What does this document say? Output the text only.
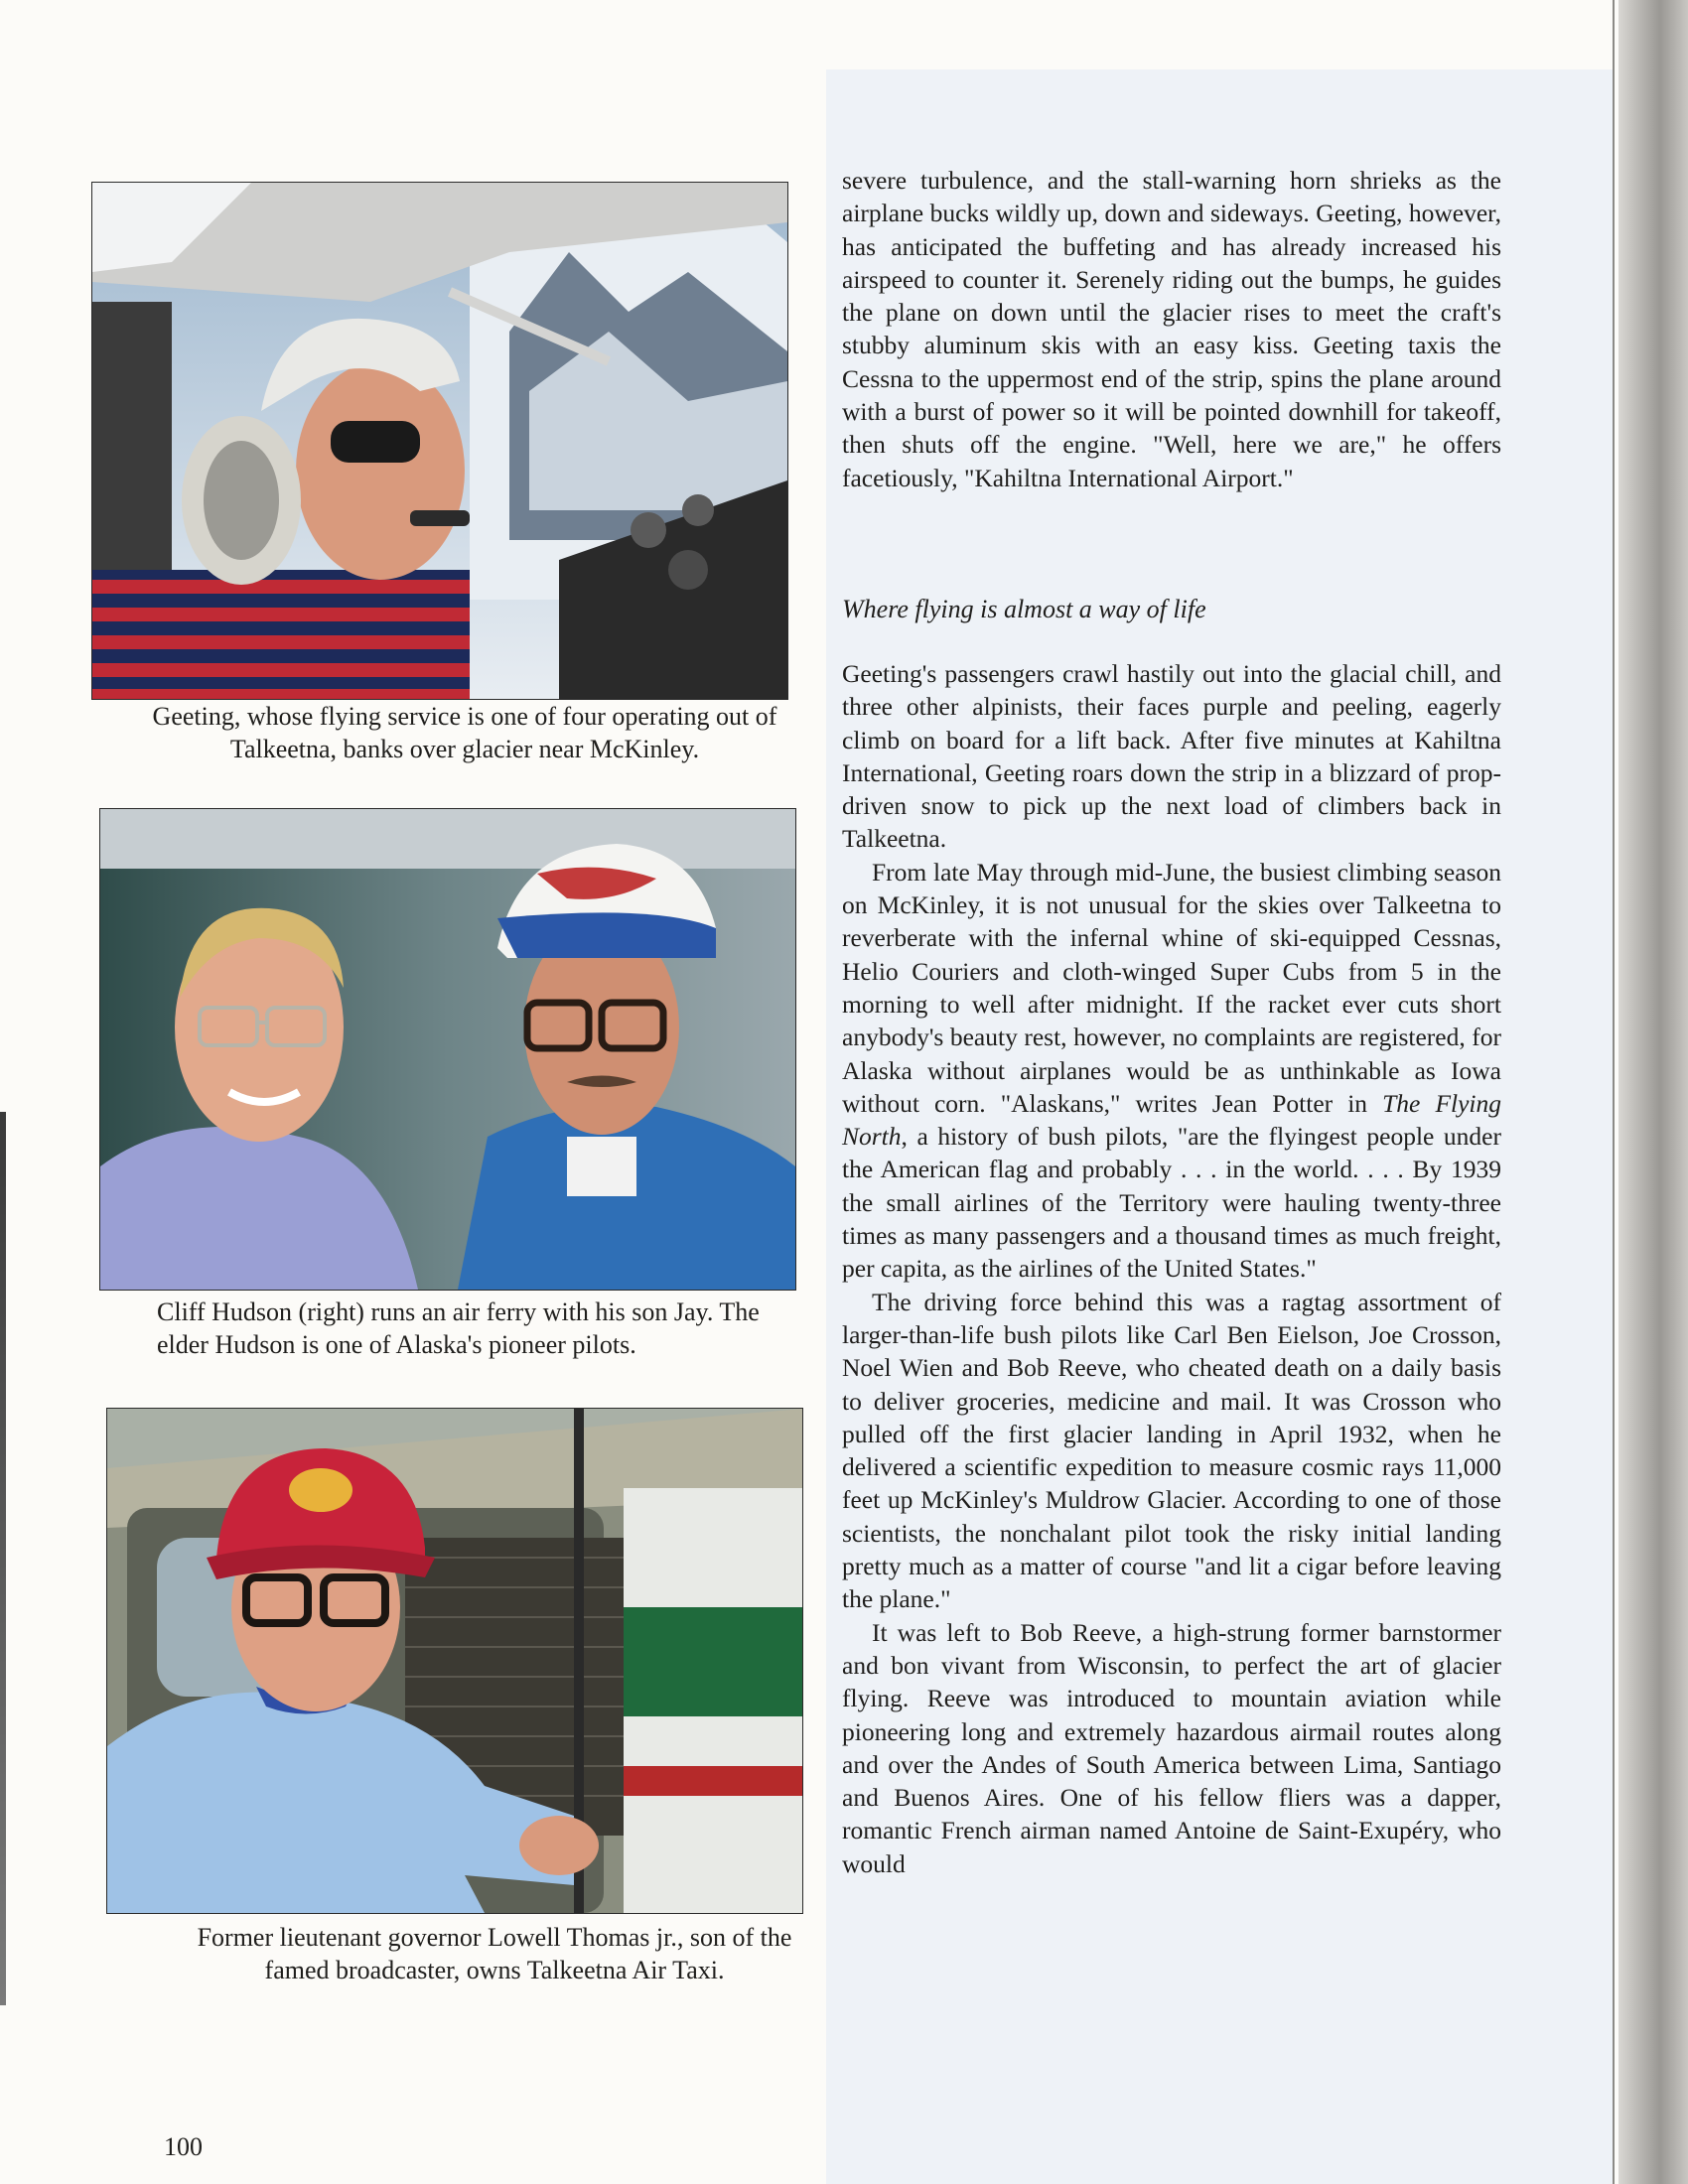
Geeting, whose flying service is one of four operating out of Talkeetna, banks over glacier near McKinley.

Cliff Hudson (right) runs an air ferry with his son Jay. The elder Hudson is one of Alaska's pioneer pilots.

Former lieutenant governor Lowell Thomas jr., son of the famed broadcaster, owns Talkeetna Air Taxi.

severe turbulence, and the stall-warning horn shrieks as the airplane bucks wildly up, down and sideways. Geeting, however, has anticipated the buffeting and has already increased his airspeed to counter it. Serenely riding out the bumps, he guides the plane on down until the glacier rises to meet the craft's stubby aluminum skis with an easy kiss. Geeting taxis the Cessna to the uppermost end of the strip, spins the plane around with a burst of power so it will be pointed downhill for takeoff, then shuts off the engine. "Well, here we are," he offers facetiously, "Kahiltna International Airport."

Where flying is almost a way of life

Geeting's passengers crawl hastily out into the glacial chill, and three other alpinists, their faces purple and peeling, eagerly climb on board for a lift back. After five minutes at Kahiltna International, Geeting roars down the strip in a blizzard of prop-driven snow to pick up the next load of climbers back in Talkeetna.

From late May through mid-June, the busiest climbing season on McKinley, it is not unusual for the skies over Talkeetna to reverberate with the infernal whine of ski-equipped Cessnas, Helio Couriers and cloth-winged Super Cubs from 5 in the morning to well after midnight. If the racket ever cuts short anybody's beauty rest, however, no complaints are registered, for Alaska without airplanes would be as unthinkable as Iowa without corn. "Alaskans," writes Jean Potter in The Flying North, a history of bush pilots, "are the flyingest people under the American flag and probably . . . in the world. . . . By 1939 the small airlines of the Territory were hauling twenty-three times as many passengers and a thousand times as much freight, per capita, as the airlines of the United States."

The driving force behind this was a ragtag assortment of larger-than-life bush pilots like Carl Ben Eielson, Joe Crosson, Noel Wien and Bob Reeve, who cheated death on a daily basis to deliver groceries, medicine and mail. It was Crosson who pulled off the first glacier landing in April 1932, when he delivered a scientific expedition to measure cosmic rays 11,000 feet up McKinley's Muldrow Glacier. According to one of those scientists, the nonchalant pilot took the risky initial landing pretty much as a matter of course "and lit a cigar before leaving the plane."

It was left to Bob Reeve, a high-strung former barnstormer and bon vivant from Wisconsin, to perfect the art of glacier flying. Reeve was introduced to mountain aviation while pioneering long and extremely hazardous airmail routes along and over the Andes of South America between Lima, Santiago and Buenos Aires. One of his fellow fliers was a dapper, romantic French airman named Antoine de Saint-Exupéry, who would

100
